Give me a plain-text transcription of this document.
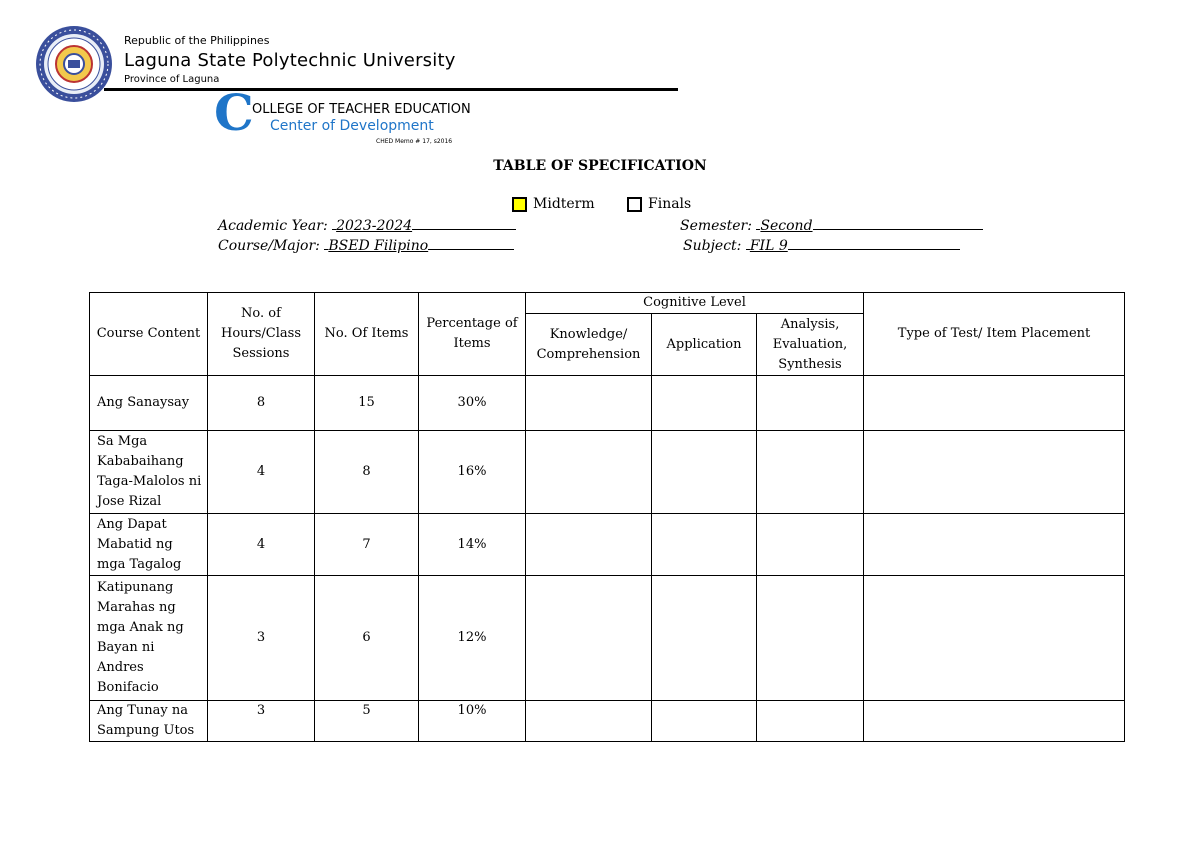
Republic of the Philippines
Laguna State Polytechnic University
Province of Laguna
C
OLLEGE OF TEACHER EDUCATION
Center of Development
CHED Memo # 17, s2016
TABLE OF SPECIFICATION
Midterm	Finals
Academic Year: 2023-2024
Course/Major: BSED Filipino
Semester: Second
Subject: FIL 9
Course Content	No. of Hours/Class Sessions	No. Of Items	Percentage of Items	Cognitive Level			Type of Test/ Item Placement
				Knowledge/ Comprehension	Application	Analysis, Evaluation, Synthesis	
Ang Sanaysay	8	15	30%				
Sa Mga Kababaihang Taga-Malolos ni Jose Rizal	4	8	16%				
Ang Dapat Mabatid ng mga Tagalog	4	7	14%				
Katipunang Marahas ng mga Anak ng Bayan ni Andres Bonifacio	3	6	12%				
Ang Tunay na Sampung Utos	3	5	10%				
